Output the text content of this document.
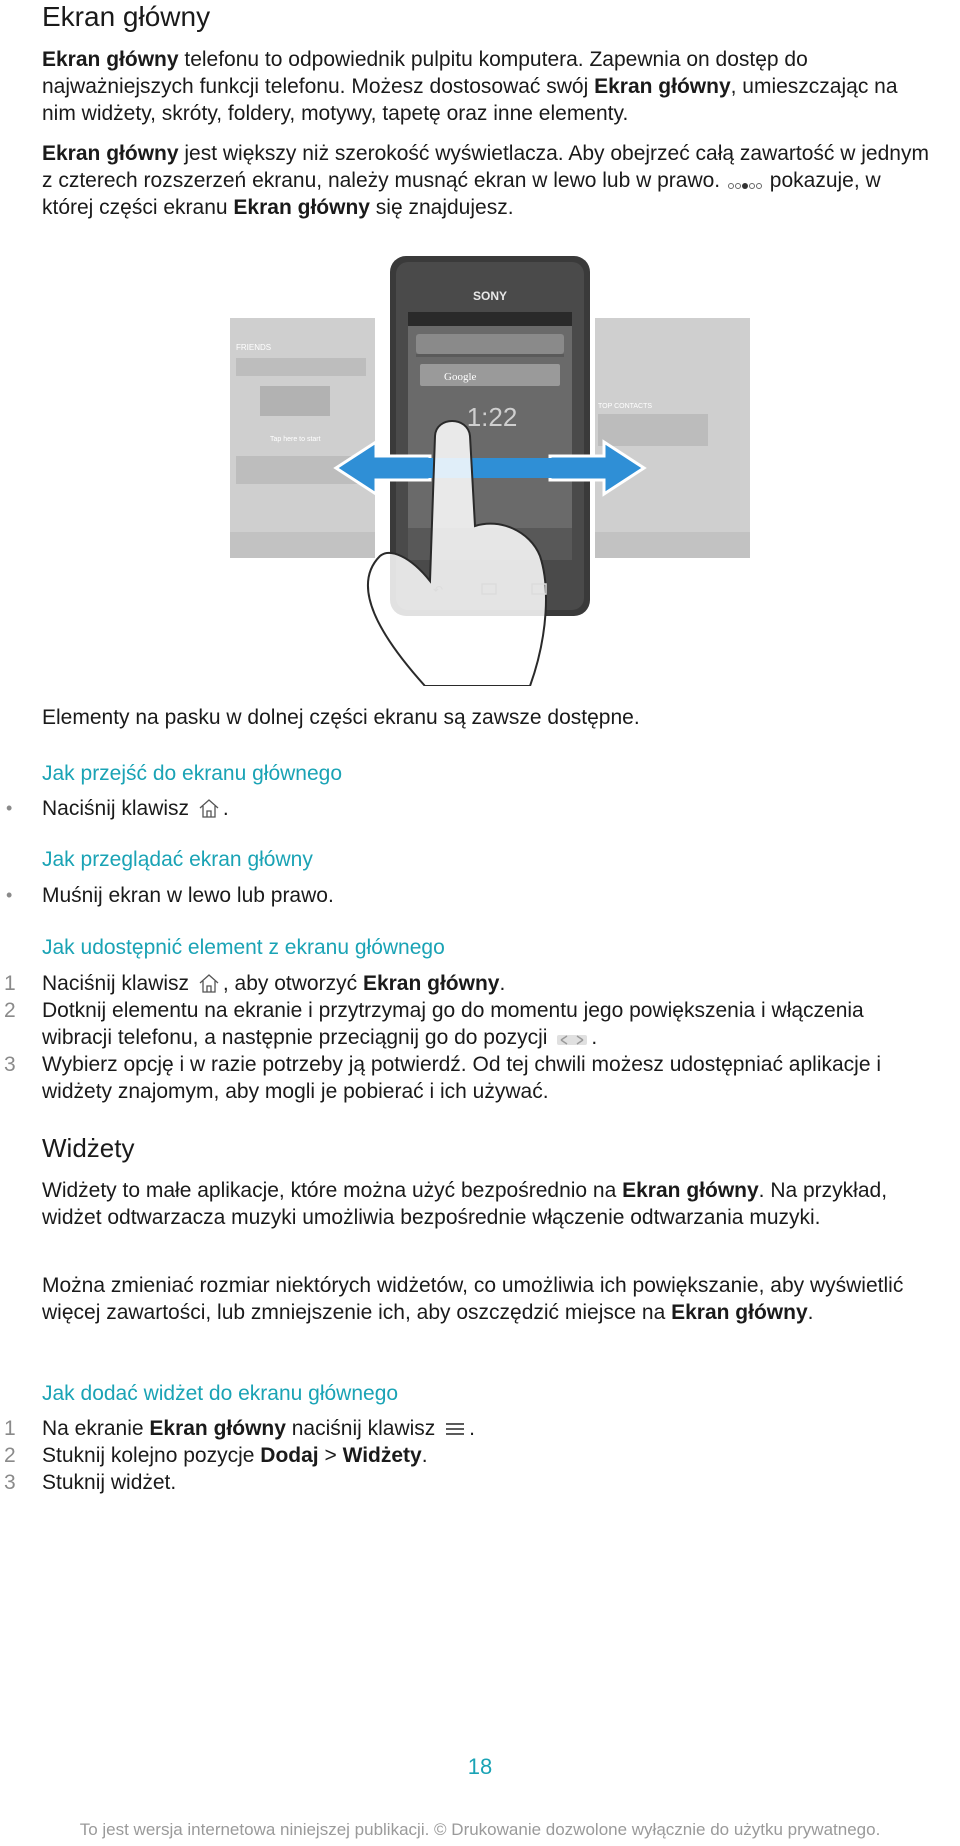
Ekran główny

Ekran główny telefonu to odpowiednik pulpitu komputera. Zapewnia on dostęp do najważniejszych funkcji telefonu. Możesz dostosować swój Ekran główny, umieszczając na nim widżety, skróty, foldery, motywy, tapetę oraz inne elementy.

Ekran główny jest większy niż szerokość wyświetlacza. Aby obejrzeć całą zawartość w jednym z czterech rozszerzeń ekranu, należy musnąć ekran w lewo lub w prawo.  pokazuje, w której części ekranu Ekran główny się znajdujesz.

FRIENDS
Tap here to start
TOP CONTACTS
SONY
Google
1:22
↶

Elementy na pasku w dolnej części ekranu są zawsze dostępne.

Jak przejść do ekranu głównego
• Naciśnij klawisz .
Jak przeglądać ekran główny
• Muśnij ekran w lewo lub prawo.
Jak udostępnić element z ekranu głównego
1 Naciśnij klawisz , aby otworzyć Ekran główny.
2 Dotknij elementu na ekranie i przytrzymaj go do momentu jego powiększenia i włączenia wibracji telefonu, a następnie przeciągnij go do pozycji .
3 Wybierz opcję i w razie potrzeby ją potwierdź. Od tej chwili możesz udostępniać aplikacje i widżety znajomym, aby mogli je pobierać i ich używać.
Widżety

Widżety to małe aplikacje, które można użyć bezpośrednio na Ekran główny. Na przykład, widżet odtwarzacza muzyki umożliwia bezpośrednie włączenie odtwarzania muzyki.

Można zmieniać rozmiar niektórych widżetów, co umożliwia ich powiększanie, aby wyświetlić więcej zawartości, lub zmniejszenie ich, aby oszczędzić miejsce na Ekran główny.

Jak dodać widżet do ekranu głównego
1 Na ekranie Ekran główny naciśnij klawisz .
2 Stuknij kolejno pozycje Dodaj > Widżety.
3 Stuknij widżet.
18
To jest wersja internetowa niniejszej publikacji. © Drukowanie dozwolone wyłącznie do użytku prywatnego.
